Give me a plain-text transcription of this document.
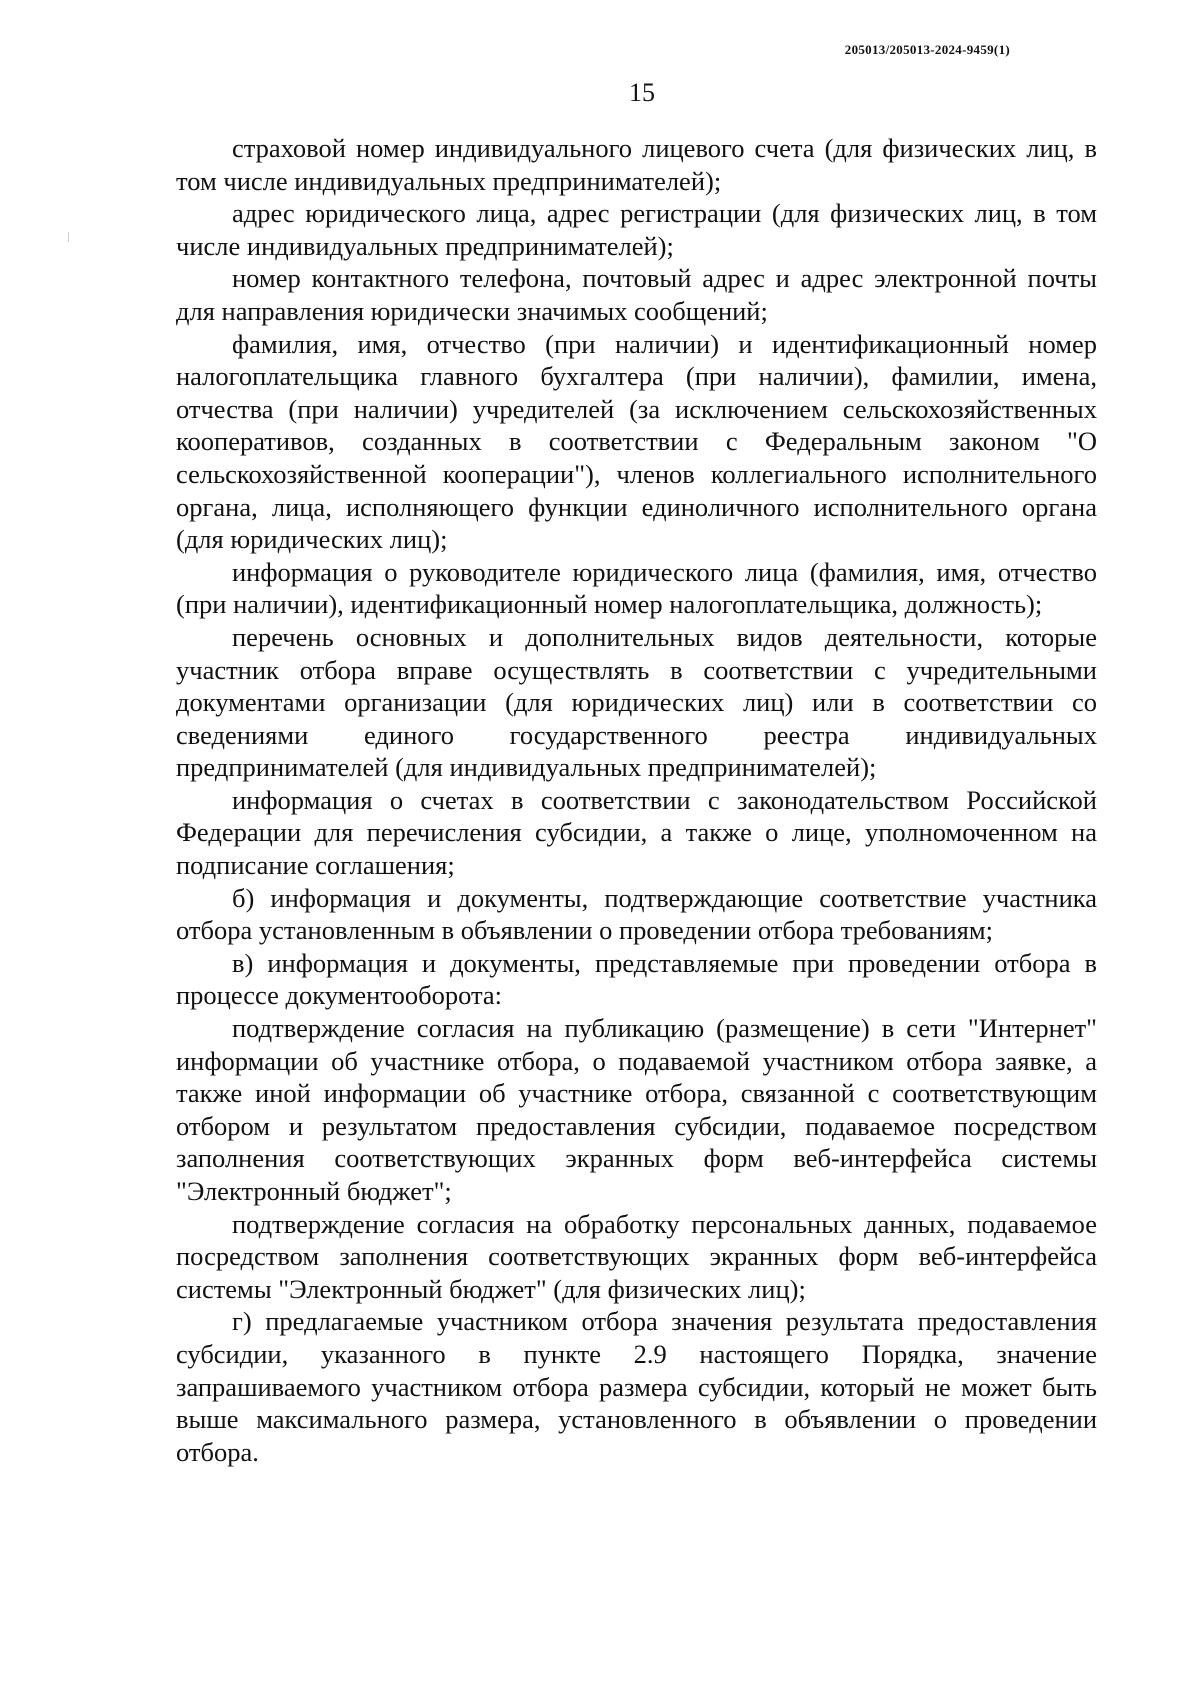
205013/205013-2024-9459(1)
15

страховой номер индивидуального лицевого счета (для физических лиц, в том числе индивидуальных предпринимателей);

адрес юридического лица, адрес регистрации (для физических лиц, в том числе индивидуальных предпринимателей);

номер контактного телефона, почтовый адрес и адрес электронной почты для направления юридически значимых сообщений;

фамилия, имя, отчество (при наличии) и идентификационный номер налогоплательщика главного бухгалтера (при наличии), фамилии, имена, отчества (при наличии) учредителей (за исключением сельскохозяйственных кооперативов, созданных в соответствии с Федеральным законом "О сельскохозяйственной кооперации"), членов коллегиального исполнительного органа, лица, исполняющего функции единоличного исполнительного органа (для юридических лиц);

информация о руководителе юридического лица (фамилия, имя, отчество (при наличии), идентификационный номер налогоплательщика, должность);

перечень основных и дополнительных видов деятельности, которые участник отбора вправе осуществлять в соответствии с учредительными документами организации (для юридических лиц) или в соответствии со сведениями единого государственного реестра индивидуальных предпринимателей (для индивидуальных предпринимателей);

информация о счетах в соответствии с законодательством Российской Федерации для перечисления субсидии, а также о лице, уполномоченном на подписание соглашения;

б) информация и документы, подтверждающие соответствие участника отбора установленным в объявлении о проведении отбора требованиям;

в) информация и документы, представляемые при проведении отбора в процессе документооборота:

подтверждение согласия на публикацию (размещение) в сети "Интернет" информации об участнике отбора, о подаваемой участником отбора заявке, а также иной информации об участнике отбора, связанной с соответствующим отбором и результатом предоставления субсидии, подаваемое посредством заполнения соответствующих экранных форм веб-интерфейса системы "Электронный бюджет";

подтверждение согласия на обработку персональных данных, подаваемое посредством заполнения соответствующих экранных форм веб-интерфейса системы "Электронный бюджет" (для физических лиц);

г) предлагаемые участником отбора значения результата предоставления субсидии, указанного в пункте 2.9 настоящего Порядка, значение запрашиваемого участником отбора размера субсидии, который не может быть выше максимального размера, установленного в объявлении о проведении отбора.
